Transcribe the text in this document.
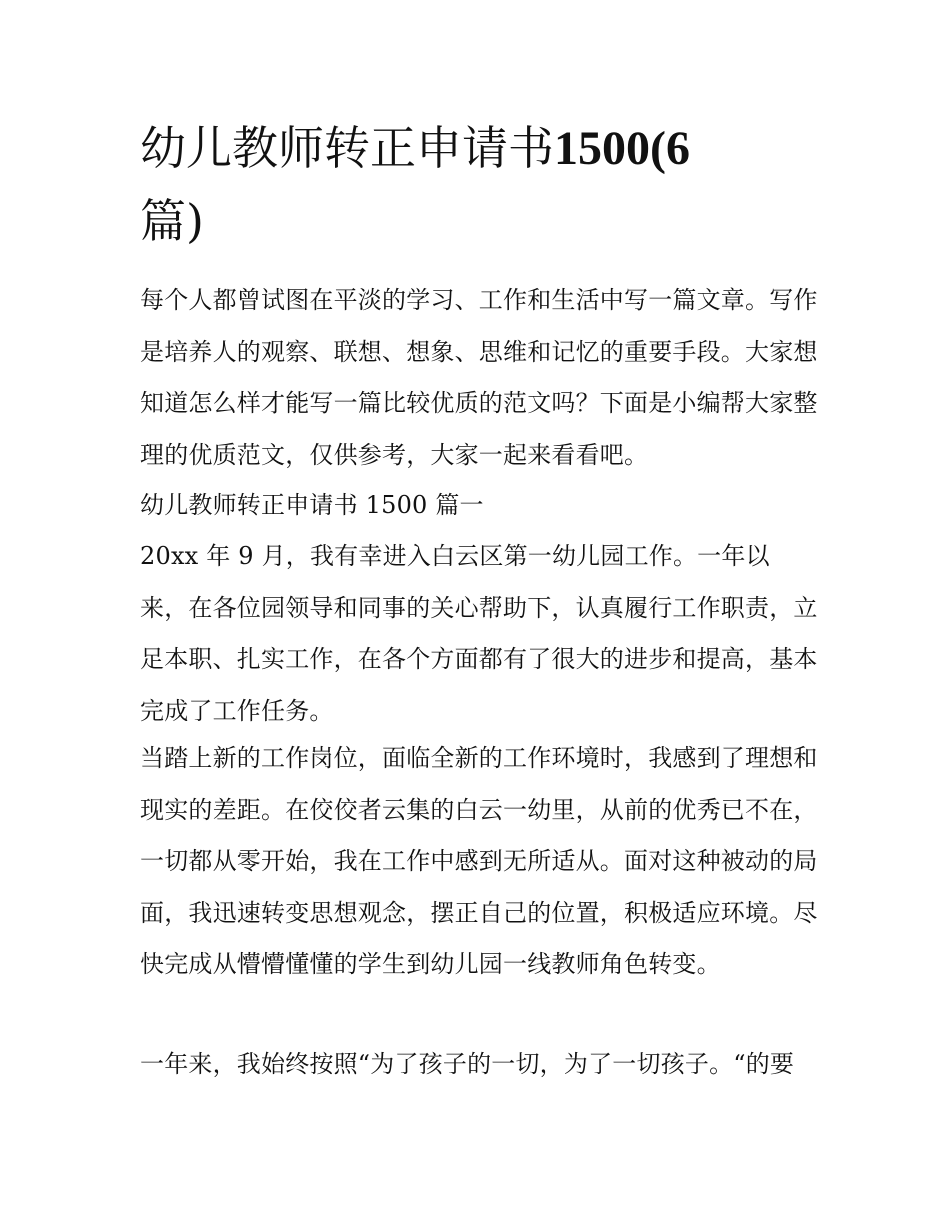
幼儿教师转正申请书1500(6
篇)

每个人都曾试图在平淡的学习、工作和生活中写一篇文章。写作是培养人的观察、联想、想象、思维和记忆的重要手段。大家想知道怎么样才能写一篇比较优质的范文吗？下面是小编帮大家整理的优质范文，仅供参考，大家一起来看看吧。

幼儿教师转正申请书 1500 篇一

20xx 年 9 月，我有幸进入白云区第一幼儿园工作。一年以
来，在各位园领导和同事的关心帮助下，认真履行工作职责，立足本职、扎实工作，在各个方面都有了很大的进步和提高，基本完成了工作任务。

当踏上新的工作岗位，面临全新的工作环境时，我感到了理想和现实的差距。在佼佼者云集的白云一幼里，从前的优秀已不在，一切都从零开始，我在工作中感到无所适从。面对这种被动的局面，我迅速转变思想观念，摆正自己的位置，积极适应环境。尽快完成从懵懵懂懂的学生到幼儿园一线教师角色转变。

一年来，我始终按照“为了孩子的一切，为了一切孩子。“的要
